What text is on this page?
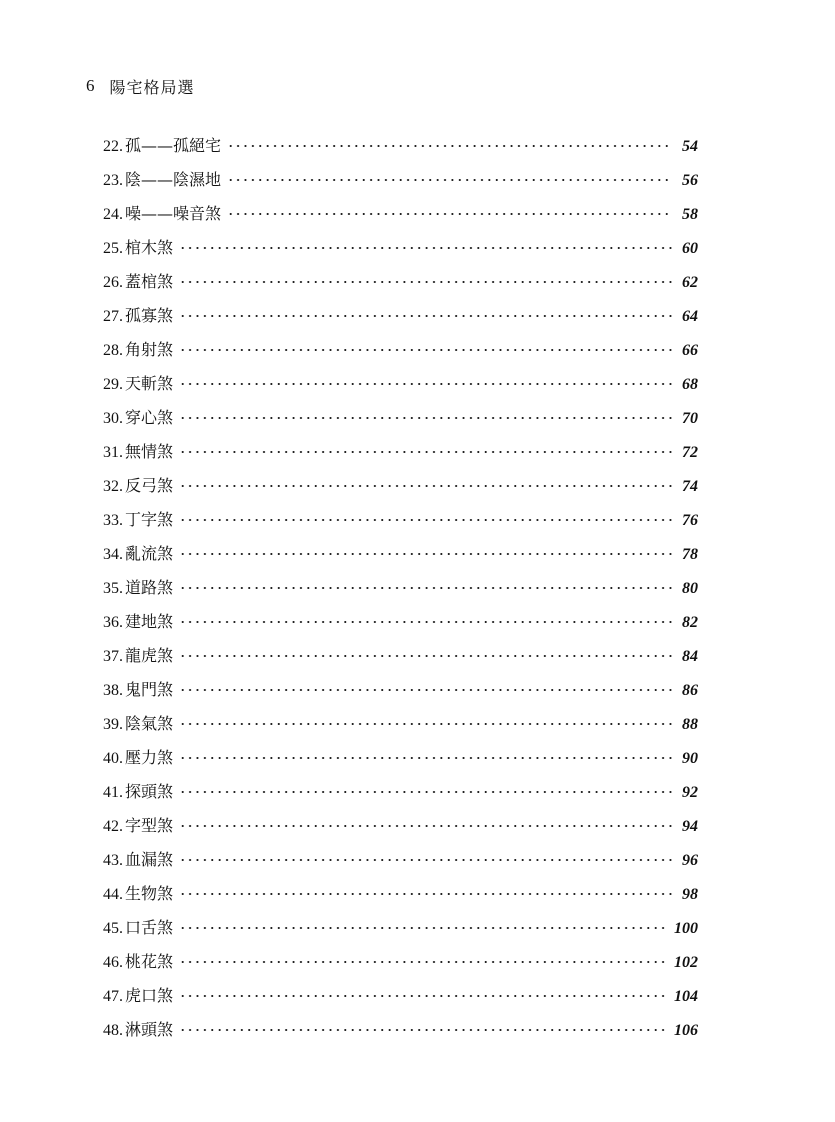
6 陽宅格局選
22. 孤——孤絕宅	54
23. 陰——陰濕地	56
24. 噪——噪音煞	58
25. 棺木煞	60
26. 蓋棺煞	62
27. 孤寡煞	64
28. 角射煞	66
29. 天斬煞	68
30. 穿心煞	70
31. 無情煞	72
32. 反弓煞	74
33. 丁字煞	76
34. 亂流煞	78
35. 道路煞	80
36. 建地煞	82
37. 龍虎煞	84
38. 鬼門煞	86
39. 陰氣煞	88
40. 壓力煞	90
41. 探頭煞	92
42. 字型煞	94
43. 血漏煞	96
44. 生物煞	98
45. 口舌煞	100
46. 桃花煞	102
47. 虎口煞	104
48. 淋頭煞	106
